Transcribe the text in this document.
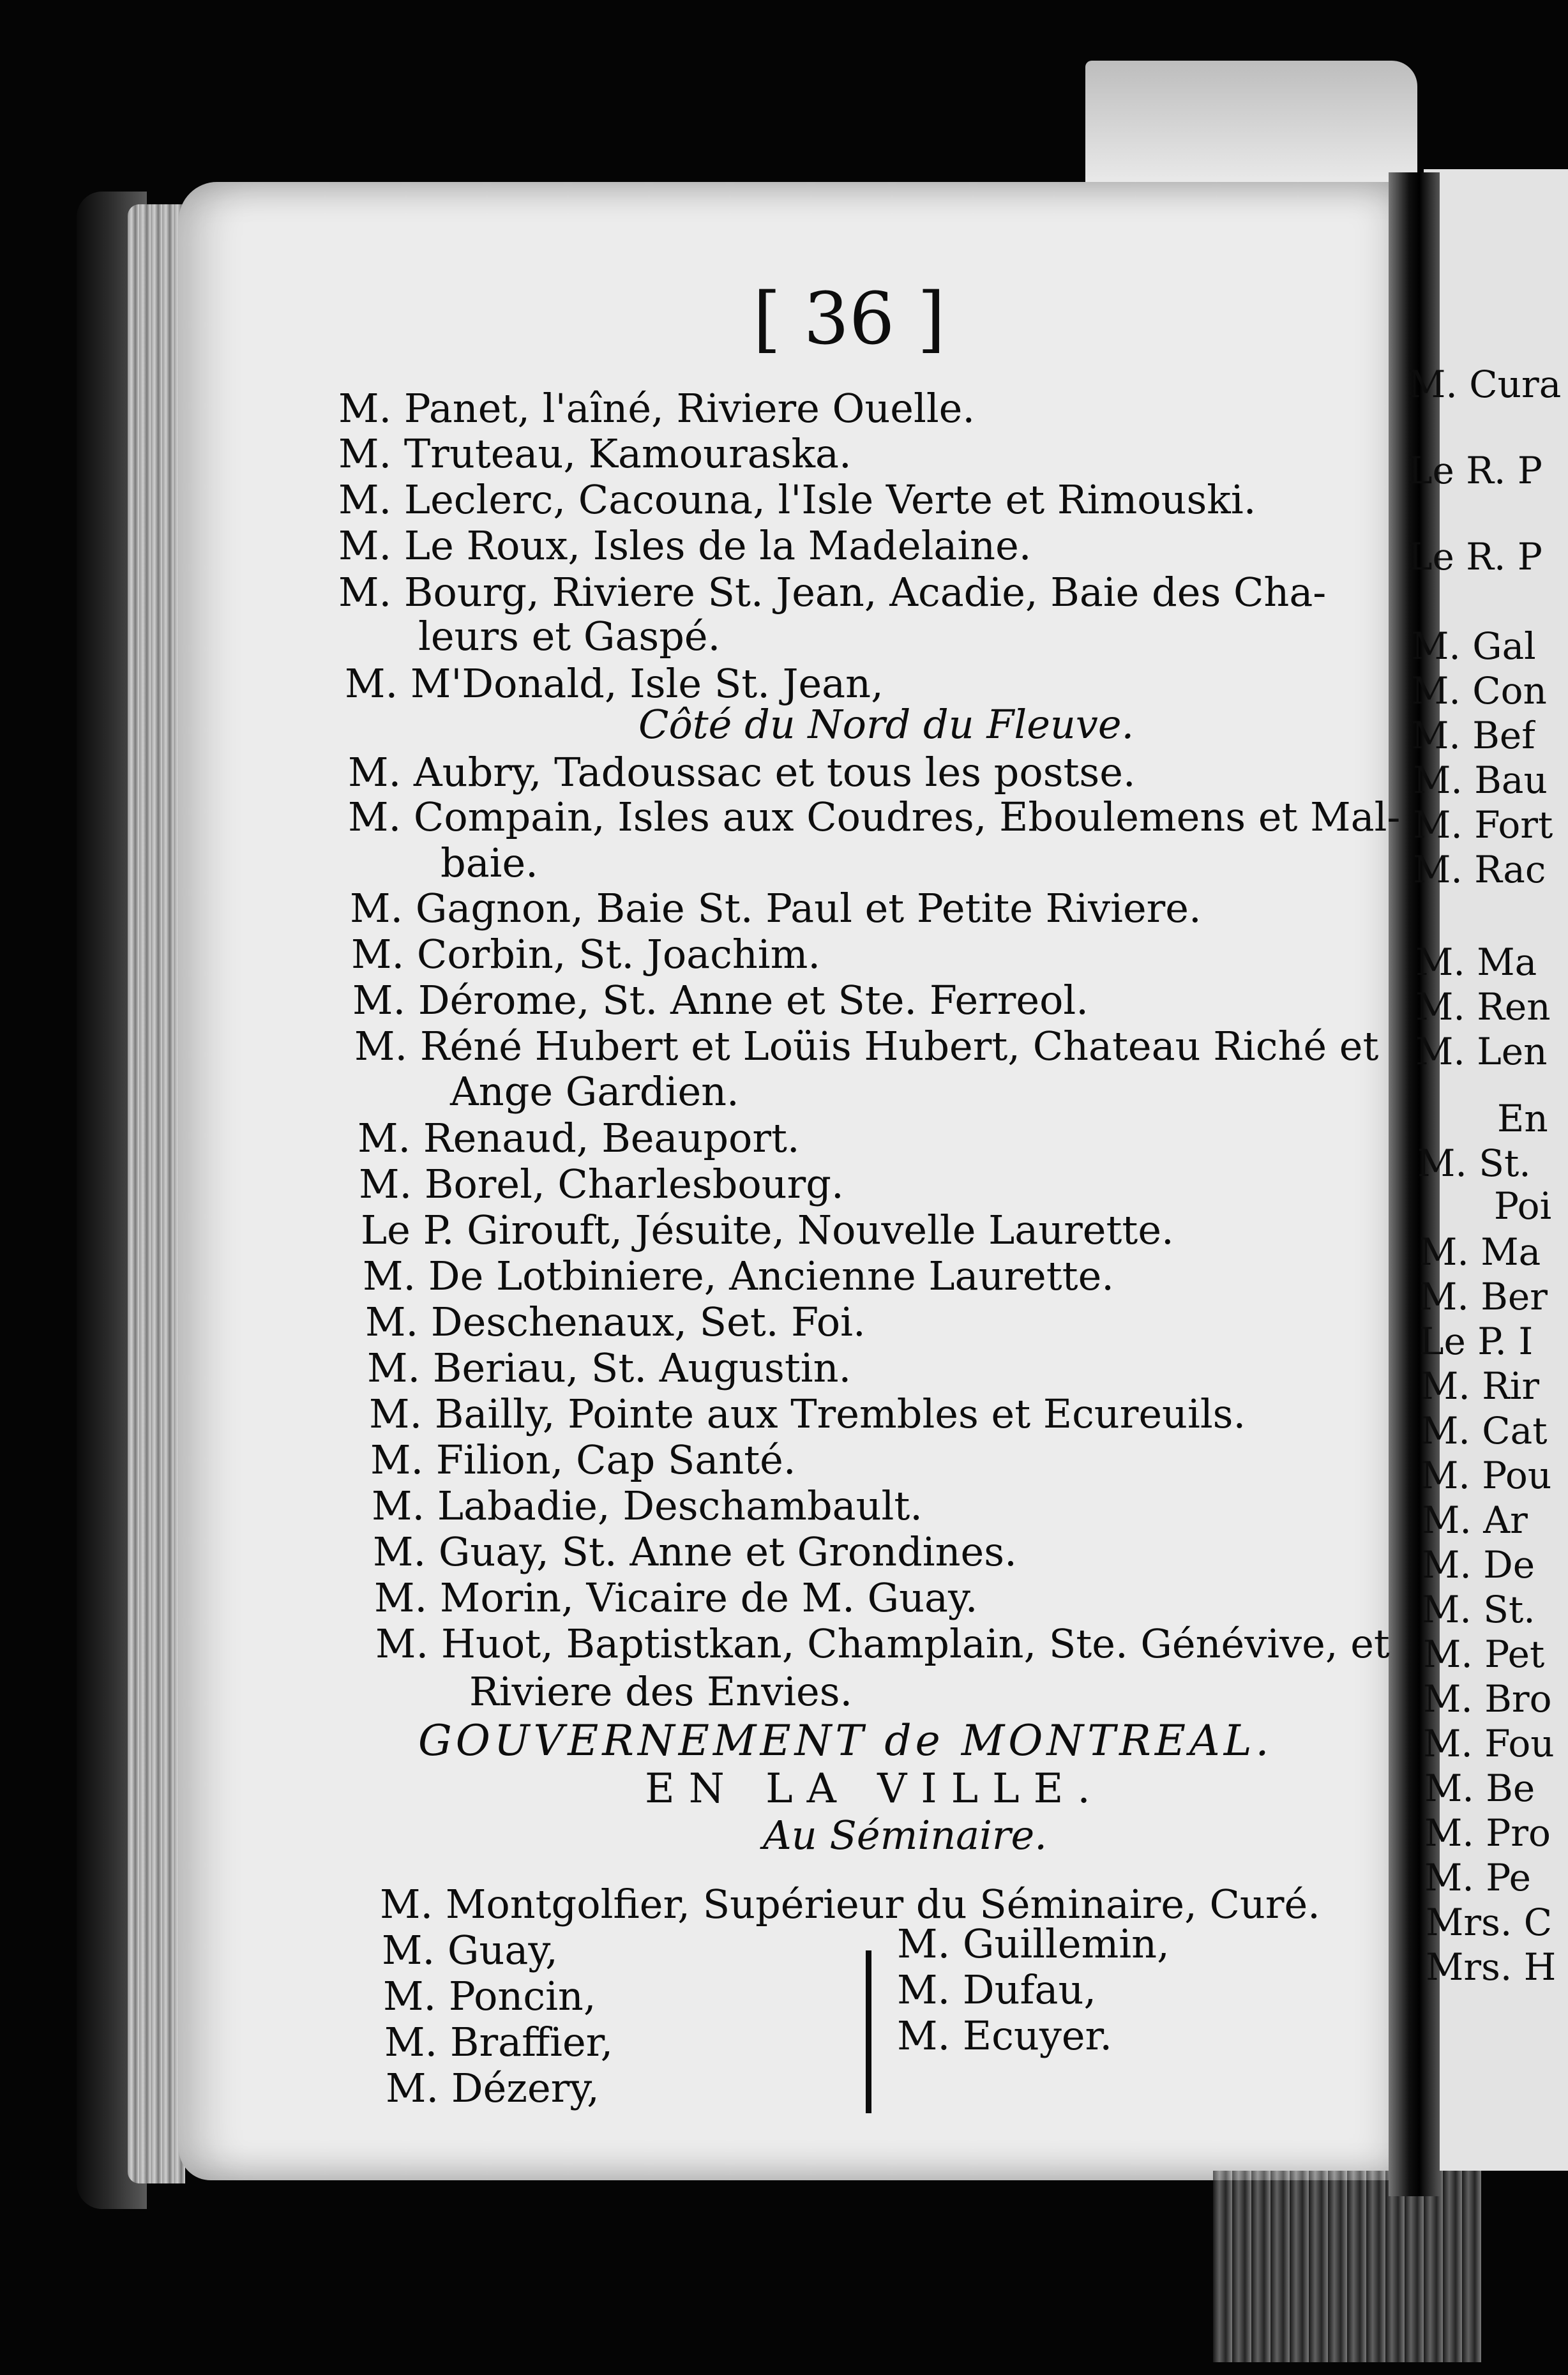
[ 36 ]
M. Panet, l'aîné, Riviere Ouelle.
M. Truteau, Kamouraska.
M. Leclerc, Cacouna, l'Isle Verte et Rimouski.
M. Le Roux, Isles de la Madelaine.
M. Bourg, Riviere St. Jean, Acadie, Baie des Cha-
leurs et Gaspé.
M. M'Donald, Isle St. Jean,
Côté du Nord du Fleuve.
M. Aubry, Tadoussac et tous les postse.
M. Compain, Isles aux Coudres, Eboulemens et Mal-
baie.
M. Gagnon, Baie St. Paul et Petite Riviere.
M. Corbin, St. Joachim.
M. Dérome, St. Anne et Ste. Ferreol.
M. Réné Hubert et Loüis Hubert, Chateau Riché et
Ange Gardien.
M. Renaud, Beauport.
M. Borel, Charlesbourg.
Le P. Girouft, Jésuite, Nouvelle Laurette.
M. De Lotbiniere, Ancienne Laurette.
M. Deschenaux, Set. Foi.
M. Beriau, St. Augustin.
M. Bailly, Pointe aux Trembles et Ecureuils.
M. Filion, Cap Santé.
M. Labadie, Deschambault.
M. Guay, St. Anne et Grondines.
M. Morin, Vicaire de M. Guay.
M. Huot, Baptistkan, Champlain, Ste. Génévive, et
Riviere des Envies.
GOUVERNEMENT de MONTREAL.
EN LA VILLE.
Au Séminaire.
M. Montgolfier, Supérieur du Séminaire, Curé.
M. Guay,
M. Poncin,
M. Braffier,
M. Dézery,
M. Guillemin,
M. Dufau,
M. Ecuyer.
M. Cura
Le R. P
Le R. P
M. Gal
M. Con
M. Bef
M. Bau
M. Fort
M. Rac
M. Ma
M. Ren
M. Len
En
M. St.
Poi
M. Ma
M. Ber
Le P. I
M. Rir
M. Cat
M. Pou
M. Ar
M. De
M. St.
M. Pet
M. Bro
M. Fou
M. Be
M. Pro
M. Pe
Mrs. C
Mrs. H
